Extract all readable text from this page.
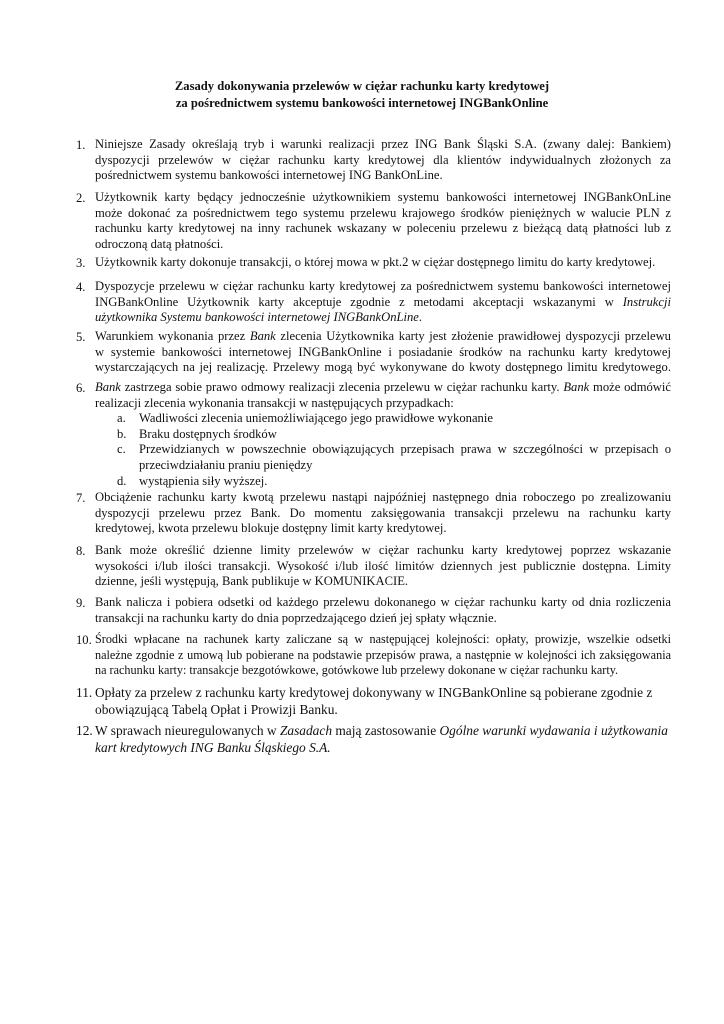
Zasady dokonywania przelewów w ciężar rachunku karty kredytowej
za pośrednictwem systemu bankowości internetowej INGBankOnline
1. Niniejsze Zasady określają tryb i warunki realizacji przez ING Bank Śląski S.A. (zwany dalej: Bankiem)
dyspozycji przelewów w ciężar rachunku karty kredytowej dla klientów indywidualnych złożonych za
pośrednictwem systemu bankowości internetowej ING BankOnLine.
2. Użytkownik karty będący jednocześnie użytkownikiem systemu bankowości internetowej INGBankOnLine
może dokonać za pośrednictwem tego systemu przelewu krajowego środków pieniężnych w walucie PLN z
rachunku karty kredytowej na inny rachunek wskazany w poleceniu przelewu z bieżącą datą płatności lub z
odroczoną datą płatności.
3. Użytkownik karty dokonuje transakcji, o której mowa w pkt.2 w ciężar dostępnego limitu do karty kredytowej.
4. Dyspozycje przelewu w ciężar rachunku karty kredytowej za pośrednictwem systemu bankowości internetowej
INGBankOnline Użytkownik karty akceptuje zgodnie z metodami akceptacji wskazanymi w Instrukcji
użytkownika Systemu bankowości internetowej INGBankOnLine.
5. Warunkiem wykonania przez Bank zlecenia Użytkownika karty jest złożenie prawidłowej dyspozycji przelewu
w systemie bankowości internetowej INGBankOnline i posiadanie środków na rachunku karty kredytowej
wystarczających na jej realizację. Przelewy mogą być wykonywane do kwoty dostępnego limitu kredytowego.
6. Bank zastrzega sobie prawo odmowy realizacji zlecenia przelewu w ciężar rachunku karty. Bank może odmówić
realizacji zlecenia wykonania transakcji w następujących przypadkach:
a. Wadliwości zlecenia uniemożliwiającego jego prawidłowe wykonanie
b. Braku dostępnych środków
c. Przewidzianych w powszechnie obowiązujących przepisach prawa w szczególności w przepisach o
przeciwdziałaniu praniu pieniędzy
d. wystąpienia siły wyższej.
7. Obciążenie rachunku karty kwotą przelewu nastąpi najpóźniej następnego dnia roboczego po zrealizowaniu
dyspozycji przelewu przez Bank. Do momentu zaksięgowania transakcji przelewu na rachunku karty
kredytowej, kwota przelewu blokuje dostępny limit karty kredytowej.
8. Bank może określić dzienne limity przelewów w ciężar rachunku karty kredytowej poprzez wskazanie
wysokości i/lub ilości transakcji. Wysokość i/lub ilość limitów dziennych jest publicznie dostępna. Limity
dzienne, jeśli występują, Bank publikuje w KOMUNIKACIE.
9. Bank nalicza i pobiera odsetki od każdego przelewu dokonanego w ciężar rachunku karty od dnia rozliczenia
transakcji na rachunku karty do dnia poprzedzającego dzień jej spłaty włącznie.
10. Środki wpłacane na rachunek karty zaliczane są w następującej kolejności: opłaty, prowizje, wszelkie odsetki
należne zgodnie z umową lub pobierane na podstawie przepisów prawa, a następnie w kolejności ich zaksięgowania
na rachunku karty: transakcje bezgotówkowe, gotówkowe lub przelewy dokonane w ciężar rachunku karty.
11. Opłaty za przelew z rachunku karty kredytowej dokonywany w INGBankOnline są pobierane zgodnie z
obowiązującą Tabelą Opłat i Prowizji Banku.
12. W sprawach nieuregulowanych w Zasadach mają zastosowanie Ogólne warunki wydawania i użytkowania
kart kredytowych ING Banku Śląskiego S.A.
